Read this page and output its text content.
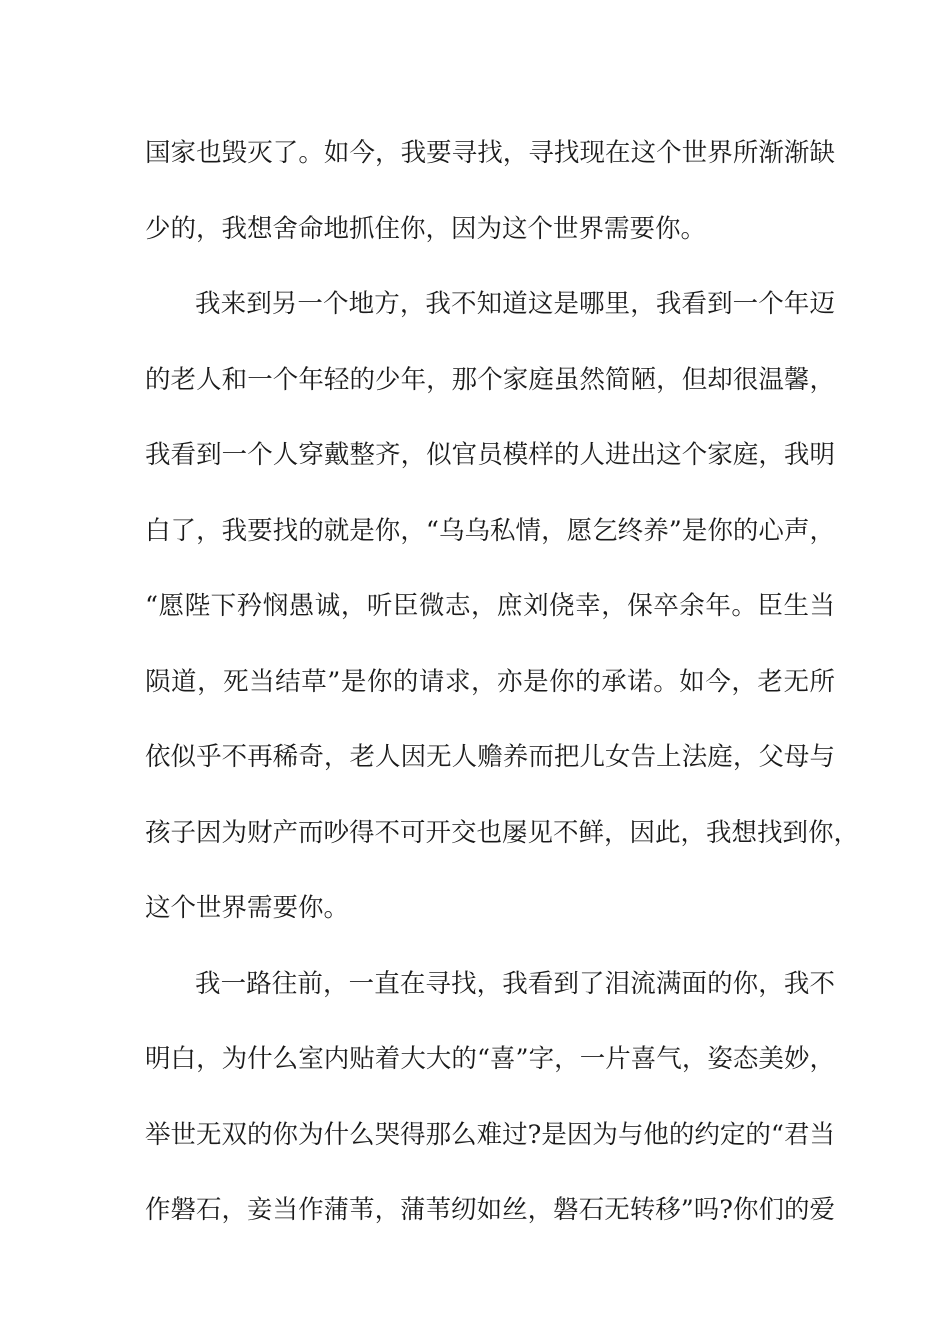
国家也毁灭了。如今，我要寻找，寻找现在这个世界所渐渐缺
少的，我想舍命地抓住你，因为这个世界需要你。
我来到另一个地方，我不知道这是哪里，我看到一个年迈
的老人和一个年轻的少年，那个家庭虽然简陋，但却很温馨，
我看到一个人穿戴整齐，似官员模样的人进出这个家庭，我明
白了，我要找的就是你，“乌乌私情，愿乞终养”是你的心声，
“愿陛下矜悯愚诚，听臣微志，庶刘侥幸，保卒余年。臣生当
陨道，死当结草”是你的请求，亦是你的承诺。如今，老无所
依似乎不再稀奇，老人因无人赡养而把儿女告上法庭，父母与
孩子因为财产而吵得不可开交也屡见不鲜，因此，我想找到你，
这个世界需要你。
我一路往前，一直在寻找，我看到了泪流满面的你，我不
明白，为什么室内贴着大大的“喜”字，一片喜气，姿态美妙，
举世无双的你为什么哭得那么难过?是因为与他的约定的“君当
作磐石，妾当作蒲苇，蒲苇纫如丝，磐石无转移”吗?你们的爱
